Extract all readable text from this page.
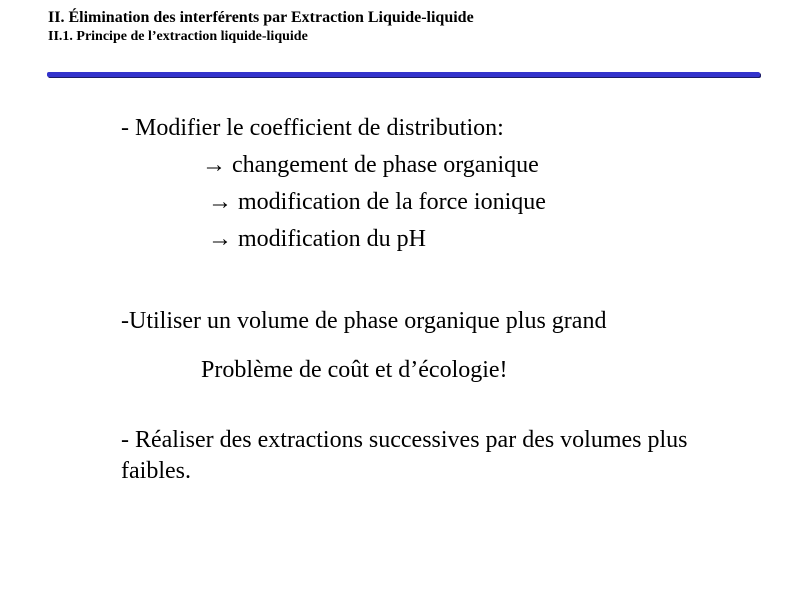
II. Élimination des interférents par Extraction Liquide-liquide
II.1. Principe de l’extraction liquide-liquide
- Modifier le coefficient de distribution:
→ changement de phase organique
→ modification de la force ionique
→ modification du pH
-Utiliser un volume de phase organique plus grand
Problème de coût et d’écologie!
- Réaliser des extractions successives par des volumes plus faibles.
